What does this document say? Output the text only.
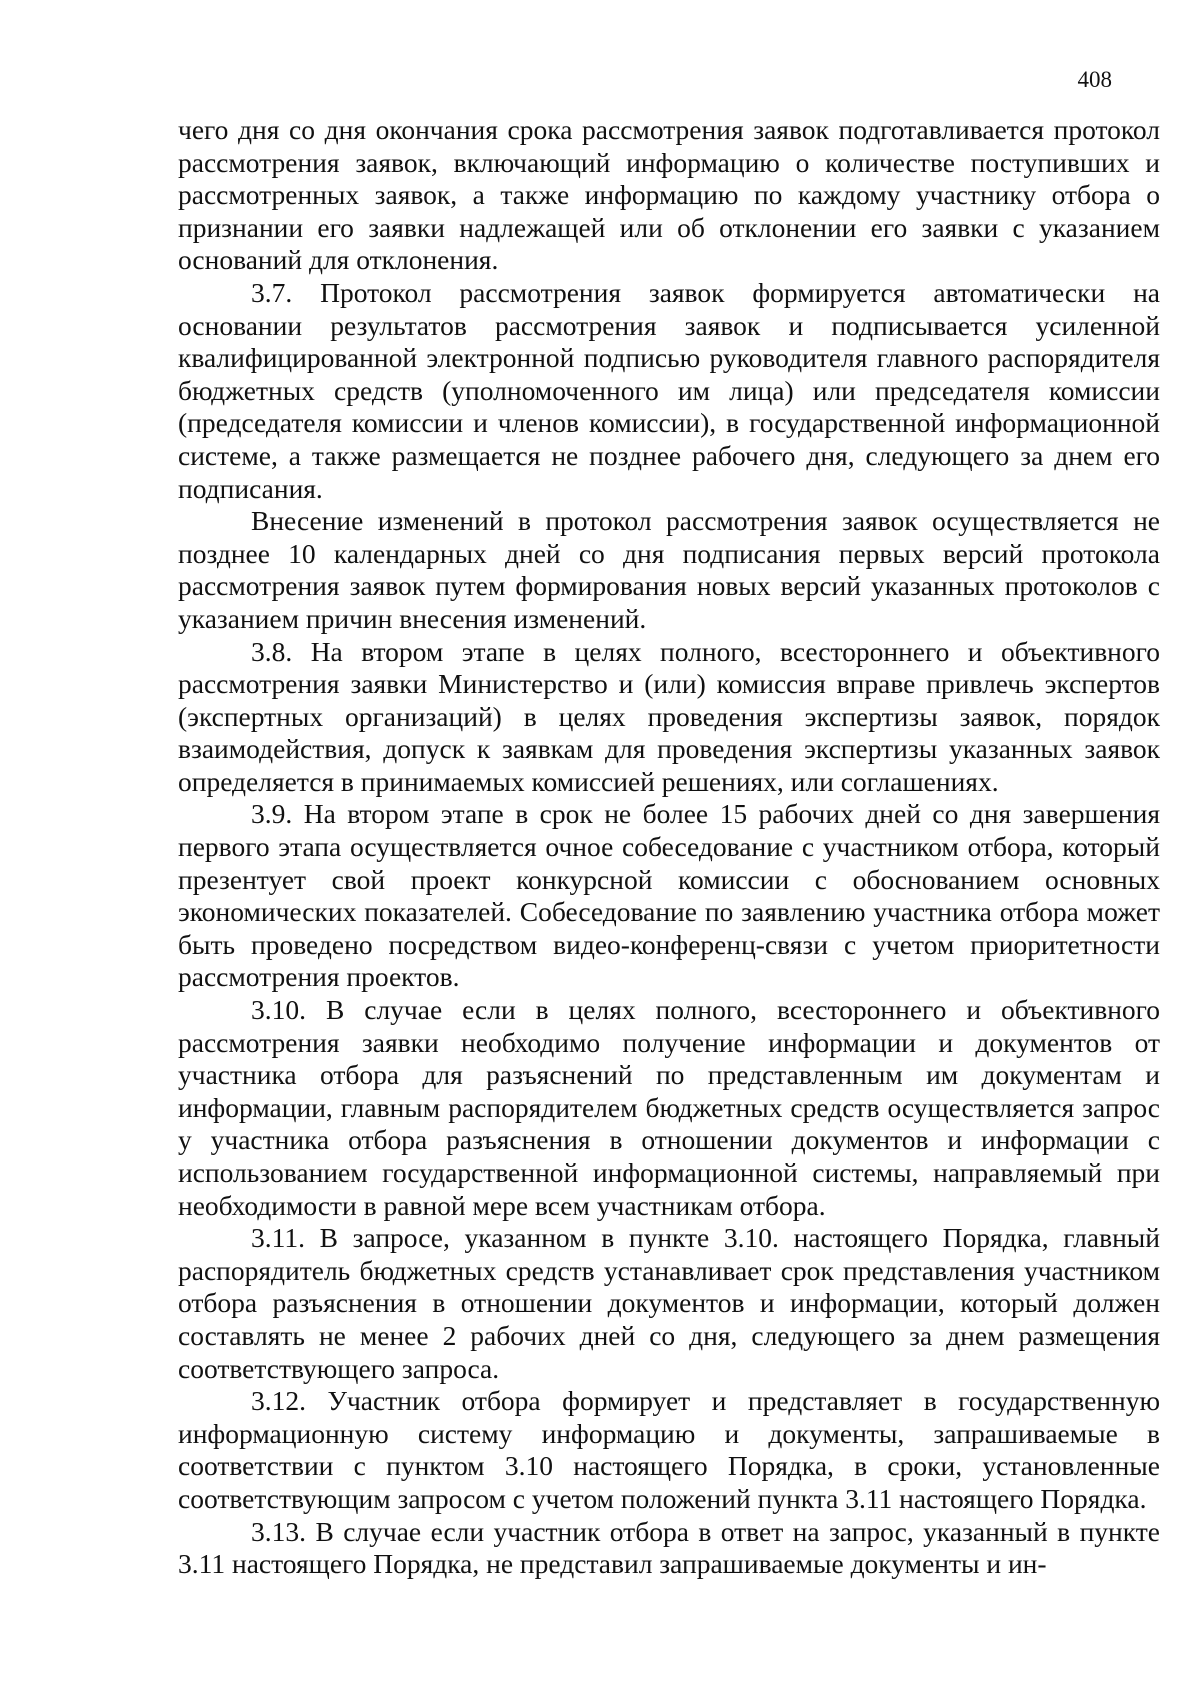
408

чего дня со дня окончания срока рассмотрения заявок подготавливается протокол рассмотрения заявок, включающий информацию о количестве поступивших и рассмотренных заявок, а также информацию по каждому участнику отбора о признании его заявки надлежащей или об отклонении его заявки с указанием оснований для отклонения.

3.7. Протокол рассмотрения заявок формируется автоматически на основании результатов рассмотрения заявок и подписывается усиленной квалифицированной электронной подписью руководителя главного распорядителя бюджетных средств (уполномоченного им лица) или председателя комиссии (председателя комиссии и членов комиссии), в государственной информационной системе, а также размещается не позднее рабочего дня, следующего за днем его подписания.

Внесение изменений в протокол рассмотрения заявок осуществляется не позднее 10 календарных дней со дня подписания первых версий протокола рассмотрения заявок путем формирования новых версий указанных протоколов с указанием причин внесения изменений.

3.8. На втором этапе в целях полного, всестороннего и объективного рассмотрения заявки Министерство и (или) комиссия вправе привлечь экспертов (экспертных организаций) в целях проведения экспертизы заявок, порядок взаимодействия, допуск к заявкам для проведения экспертизы указанных заявок определяется в принимаемых комиссией решениях, или соглашениях.

3.9. На втором этапе в срок не более 15 рабочих дней со дня завершения первого этапа осуществляется очное собеседование с участником отбора, который презентует свой проект конкурсной комиссии с обоснованием основных экономических показателей. Собеседование по заявлению участника отбора может быть проведено посредством видео-конференц-связи с учетом приоритетности рассмотрения проектов.

3.10. В случае если в целях полного, всестороннего и объективного рассмотрения заявки необходимо получение информации и документов от участника отбора для разъяснений по представленным им документам и информации, главным распорядителем бюджетных средств осуществляется запрос у участника отбора разъяснения в отношении документов и информации с использованием государственной информационной системы, направляемый при необходимости в равной мере всем участникам отбора.

3.11. В запросе, указанном в пункте 3.10. настоящего Порядка, главный распорядитель бюджетных средств устанавливает срок представления участником отбора разъяснения в отношении документов и информации, который должен составлять не менее 2 рабочих дней со дня, следующего за днем размещения соответствующего запроса.

3.12. Участник отбора формирует и представляет в государственную информационную систему информацию и документы, запрашиваемые в соответствии с пунктом 3.10 настоящего Порядка, в сроки, установленные соответствующим запросом с учетом положений пункта 3.11 настоящего Порядка.

3.13. В случае если участник отбора в ответ на запрос, указанный в пункте 3.11 настоящего Порядка, не представил запрашиваемые документы и ин-
